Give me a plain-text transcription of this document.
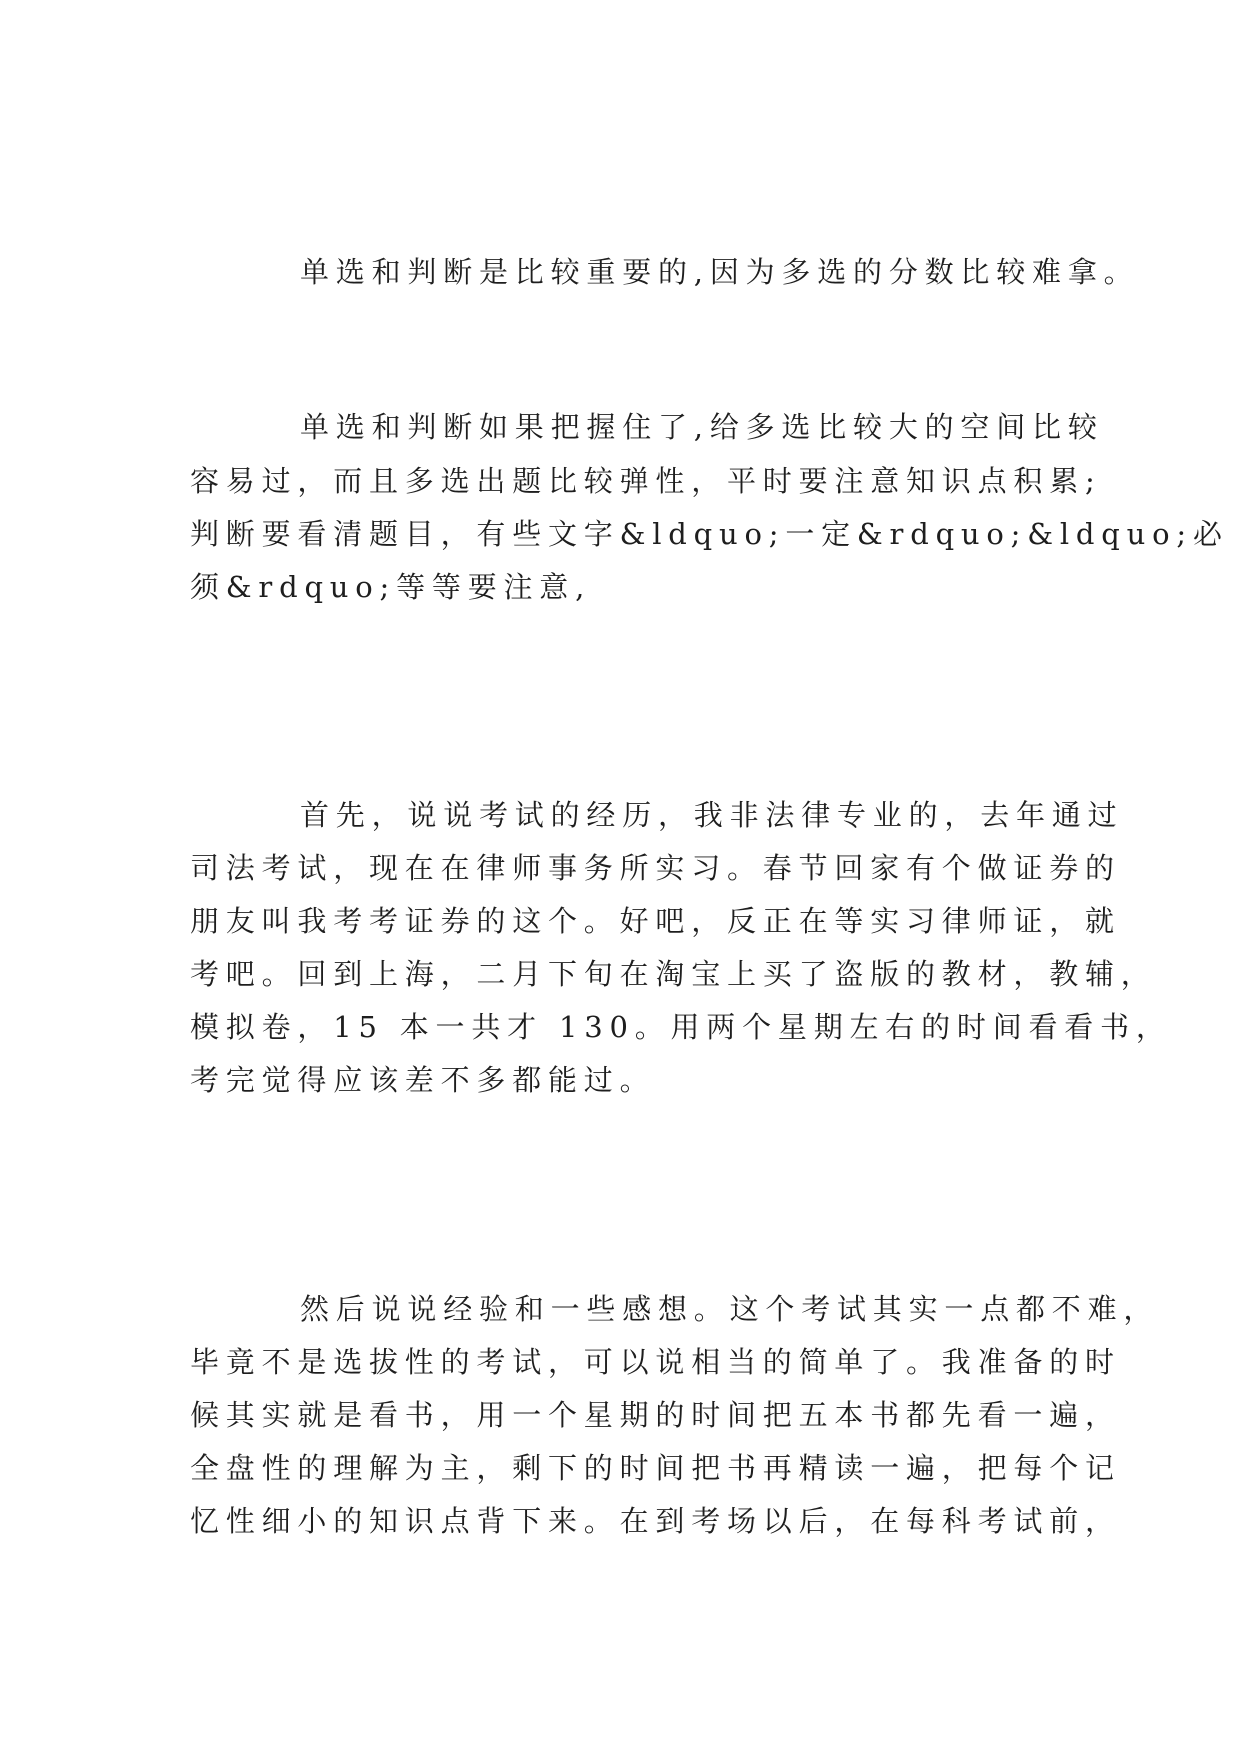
单选和判断是比较重要的,因为多选的分数比较难拿。
单选和判断如果把握住了,给多选比较大的空间比较
容易过，而且多选出题比较弹性，平时要注意知识点积累;
判断要看清题目，有些文字&ldquo;一定&rdquo;&ldquo;必
须&rdquo;等等要注意,
首先，说说考试的经历，我非法律专业的，去年通过
司法考试，现在在律师事务所实习。春节回家有个做证券的
朋友叫我考考证券的这个。好吧，反正在等实习律师证，就
考吧。回到上海，二月下旬在淘宝上买了盗版的教材，教辅，
模拟卷，15 本一共才 130。用两个星期左右的时间看看书，
考完觉得应该差不多都能过。
然后说说经验和一些感想。这个考试其实一点都不难，
毕竟不是选拔性的考试，可以说相当的简单了。我准备的时
候其实就是看书，用一个星期的时间把五本书都先看一遍，
全盘性的理解为主，剩下的时间把书再精读一遍，把每个记
忆性细小的知识点背下来。在到考场以后，在每科考试前，
